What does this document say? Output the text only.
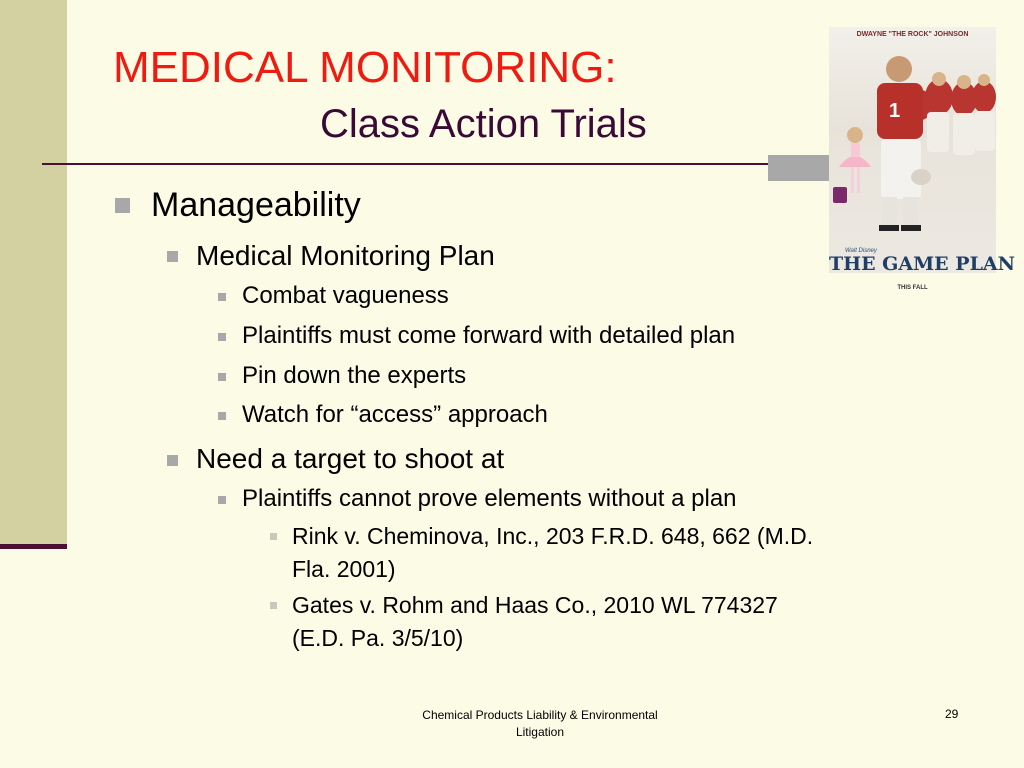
MEDICAL MONITORING:
Class Action Trials	1
DWAYNE "THE ROCK" JOHNSON
Walt Disney
THE GAME PLAN
THIS FALL
Manageability
Medical Monitoring Plan
Combat vagueness
Plaintiffs must come forward with detailed plan
Pin down the experts
Watch for “access” approach
Need a target to shoot at
Plaintiffs cannot prove elements without a plan
Rink v. Cheminova, Inc., 203 F.R.D. 648, 662 (M.D.
Fla. 2001)
Gates v. Rohm and Haas Co., 2010 WL 774327
(E.D. Pa. 3/5/10)
Chemical Products Liability & Environmental
Litigation
29
